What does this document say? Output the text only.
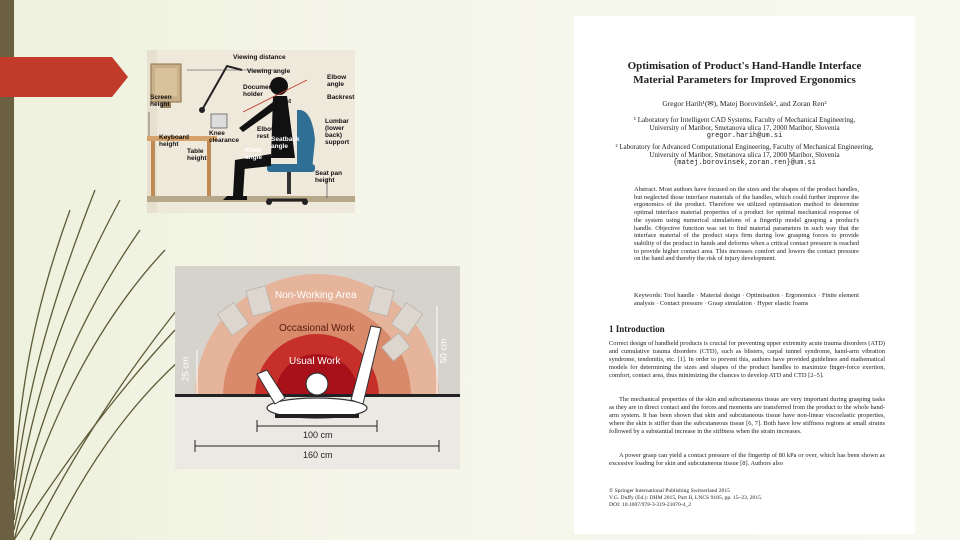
Viewing distance
Viewing angle
Document holder
Elbow angle
Backrest
Screen height	Wrist rest
Elbow rest
Lumbar (lower back) support
Keyboard height
Knee clearance	Seatback angle
Knee angle
Table height
Seat pan height
Non-Working Area
Occasional Work
Usual Work
25 cm
50 cm
100 cm
160 cm
Optimisation of Product's Hand-Handle Interface
Material Parameters for Improved Ergonomics
Gregor Harih¹(✉), Matej Borovinšek², and Zoran Ren²
¹ Laboratory for Intelligent CAD Systems, Faculty of Mechanical Engineering,
University of Maribor, Smetanova ulica 17, 2000 Maribor, Slovenia
gregor.harih@um.si
² Laboratory for Advanced Computational Engineering, Faculty of Mechanical Engineering,
University of Maribor, Smetanova ulica 17, 2000 Maribor, Slovenia
{matej.borovinsek,zoran.ren}@um.si
Abstract. Most authors have focused on the sizes and the shapes of the product handles, but neglected those interface materials of the handles, which could further improve the ergonomics of the product. Therefore we utilized optimisation method to determine optimal interface material properties of a product for optimal mechanical response of the system using numerical simulations of a fingertip model grasping a product's handle. Objective function was set to find material parameters in such way that the interface material of the product stays firm during low grasping forces to provide stability of the product in hands and deforms when a critical contact pressure is reached to provide higher contact area. This increases comfort and lowers the contact pressure on the hand and thereby the risk of injury development.
Keywords: Tool handle · Material design · Optimisation · Ergonomics · Finite element analysis · Contact pressure · Grasp simulation · Hyper elastic foams
1 Introduction
Correct design of handheld products is crucial for preventing upper extremity acute trauma disorders (ATD) and cumulative trauma disorders (CTD), such as blisters, carpal tunnel syndrome, hand-arm vibration syndrome, tendonitis, etc. [1]. In order to prevent this, authors have provided guidelines and mathematical models for determining the sizes and shapes of the product handles to maximize finger-force exertion, comfort, contact area, thus minimizing the chances to develop ATD and CTD [2–5].
The mechanical properties of the skin and subcutaneous tissue are very important during grasping tasks as they are in direct contact and the forces and moments are transferred from the product to the whole hand-arm system. It has been shown that skin and subcutaneous tissue have non-linear viscoelastic properties, where the skin is stiffer than the subcutaneous tissue [6, 7]. Both have low stiffness regions at small strains followed by a substantial increase in the stiffness when the strain increases.
A power grasp can yield a contact pressure of the fingertip of 80 kPa or over, which has been shown as excessive loading for skin and subcutaneous tissue [8]. Authors also
© Springer International Publishing Switzerland 2015
V.G. Duffy (Ed.): DHM 2015, Part II, LNCS 9185, pp. 15–23, 2015.
DOI: 10.1007/978-3-319-21070-4_2
